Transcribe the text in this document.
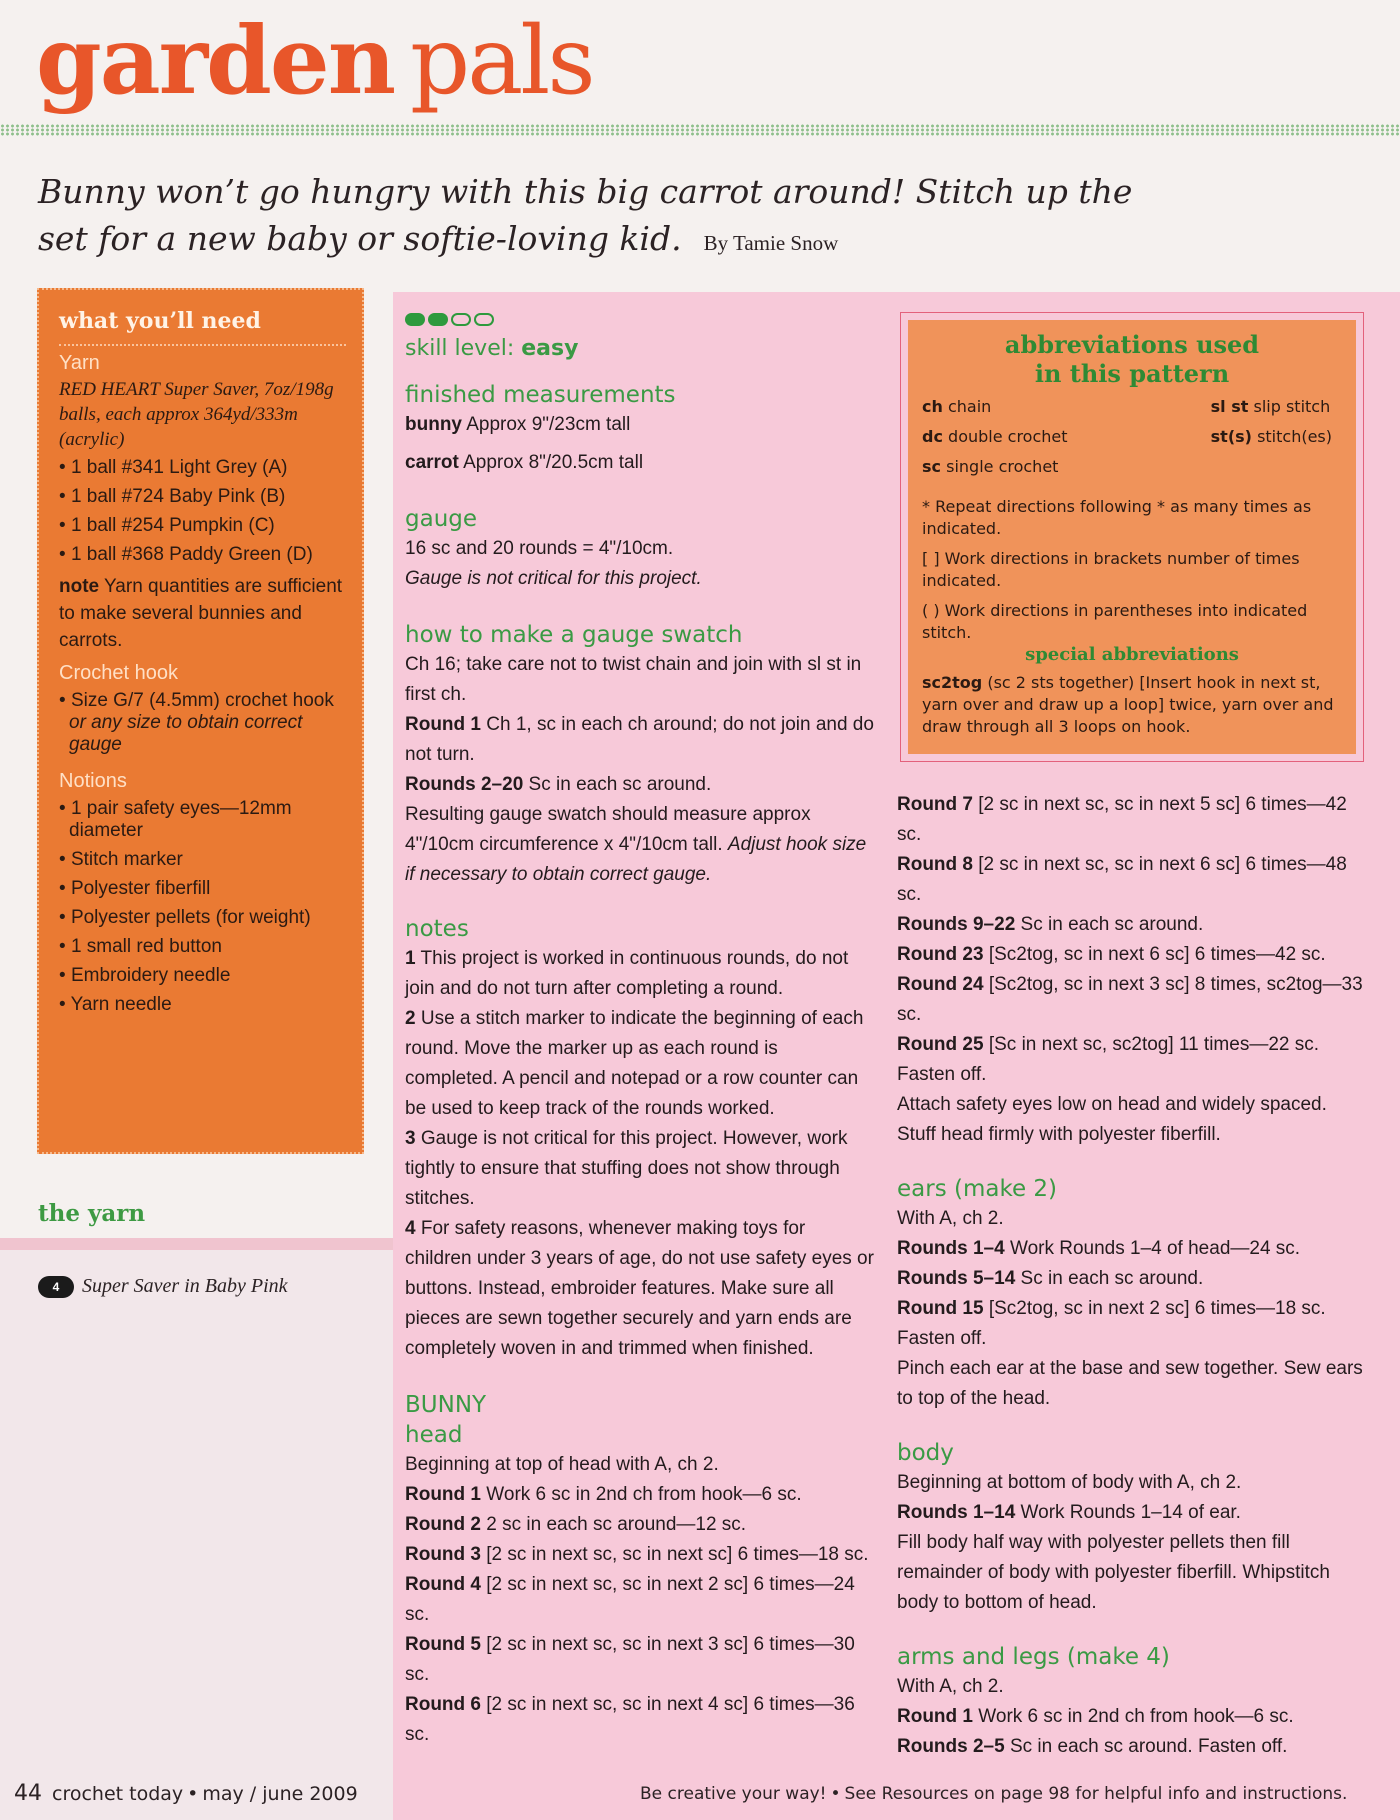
garden pals
Bunny won’t go hungry with this big carrot around! Stitch up the set for a new baby or softie-loving kid. By Tamie Snow
what you’ll need
Yarn
RED HEART Super Saver, 7oz/198g balls, each approx 364yd/333m (acrylic)
• 1 ball #341 Light Grey (A)
• 1 ball #724 Baby Pink (B)
• 1 ball #254 Pumpkin (C)
• 1 ball #368 Paddy Green (D)
note Yarn quantities are sufficient to make several bunnies and carrots.
Crochet hook
• Size G/7 (4.5mm) crochet hook or any size to obtain correct gauge
Notions
• 1 pair safety eyes—12mm diameter
• Stitch marker
• Polyester fiberfill
• Polyester pellets (for weight)
• 1 small red button
• Embroidery needle
• Yarn needle
the yarn
4	Super Saver in Baby Pink
skill level: easy
finished measurements
bunny Approx 9"/23cm tall
carrot Approx 8"/20.5cm tall
gauge
16 sc and 20 rounds = 4"/10cm.
Gauge is not critical for this project.
how to make a gauge swatch
Ch 16; take care not to twist chain and join with sl st in first ch.
Round 1 Ch 1, sc in each ch around; do not join and do not turn.
Rounds 2–20 Sc in each sc around.
Resulting gauge swatch should measure approx 4"/10cm circumference x 4"/10cm tall. Adjust hook size if necessary to obtain correct gauge.
notes
1 This project is worked in continuous rounds, do not join and do not turn after completing a round.
2 Use a stitch marker to indicate the beginning of each round. Move the marker up as each round is completed. A pencil and notepad or a row counter can be used to keep track of the rounds worked.
3 Gauge is not critical for this project. However, work tightly to ensure that stuffing does not show through stitches.
4 For safety reasons, whenever making toys for children under 3 years of age, do not use safety eyes or buttons. Instead, embroider features. Make sure all pieces are sewn together securely and yarn ends are completely woven in and trimmed when finished.
BUNNY
head
Beginning at top of head with A, ch 2.
Round 1 Work 6 sc in 2nd ch from hook—6 sc.
Round 2 2 sc in each sc around—12 sc.
Round 3 [2 sc in next sc, sc in next sc] 6 times—18 sc.
Round 4 [2 sc in next sc, sc in next 2 sc] 6 times—24 sc.
Round 5 [2 sc in next sc, sc in next 3 sc] 6 times—30 sc.
Round 6 [2 sc in next sc, sc in next 4 sc] 6 times—36 sc.
abbreviations used
in this pattern
ch chain
dc double crochet
sc single crochet
sl st slip stitch
st(s) stitch(es)

* Repeat directions following * as many times as indicated.

[ ] Work directions in brackets number of times indicated.

( ) Work directions in parentheses into indicated stitch.

special abbreviations

sc2tog (sc 2 sts together) [Insert hook in next st, yarn over and draw up a loop] twice, yarn over and draw through all 3 loops on hook.

Round 7 [2 sc in next sc, sc in next 5 sc] 6 times—42 sc.
Round 8 [2 sc in next sc, sc in next 6 sc] 6 times—48 sc.
Rounds 9–22 Sc in each sc around.
Round 23 [Sc2tog, sc in next 6 sc] 6 times—42 sc.
Round 24 [Sc2tog, sc in next 3 sc] 8 times, sc2tog—33 sc.
Round 25 [Sc in next sc, sc2tog] 11 times—22 sc. Fasten off.
Attach safety eyes low on head and widely spaced. Stuff head firmly with polyester fiberfill.
ears (make 2)
With A, ch 2.
Rounds 1–4 Work Rounds 1–4 of head—24 sc.
Rounds 5–14 Sc in each sc around.
Round 15 [Sc2tog, sc in next 2 sc] 6 times—18 sc. Fasten off.
Pinch each ear at the base and sew together. Sew ears to top of the head.
body
Beginning at bottom of body with A, ch 2.
Rounds 1–14 Work Rounds 1–14 of ear.
Fill body half way with polyester pellets then fill remainder of body with polyester fiberfill. Whipstitch body to bottom of head.
arms and legs (make 4)
With A, ch 2.
Round 1 Work 6 sc in 2nd ch from hook—6 sc.
Rounds 2–5 Sc in each sc around. Fasten off.
44 crochet today • may / june 2009	Be creative your way! • See Resources on page 98 for helpful info and instructions.
